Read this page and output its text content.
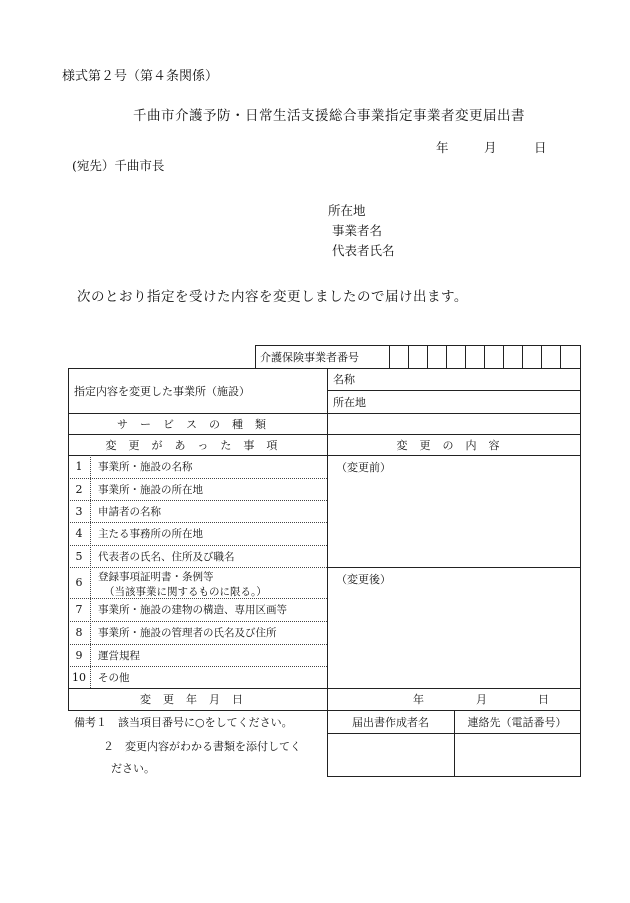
様式第２号（第４条関係）
千曲市介護予防・日常生活支援総合事業指定事業者変更届出書
年	月	日
(宛先）千曲市長
所在地
事業者名
代表者氏名
次のとおり指定を受けた内容を変更しましたので届け出ます。
介護保険事業者番号
指定内容を変更した事業所（施設）
名称
所在地
サービスの種類
変更があった事項	変更の内容
（変更前）
（変更後）
1	事業所・施設の名称
2	事業所・施設の所在地
3	申請者の名称
4	主たる事務所の所在地
5	代表者の氏名、住所及び職名
6	登録事項証明書・条例等
（当該事業に関するものに限る。）
7	事業所・施設の建物の構造、専用区画等
8	事業所・施設の管理者の氏名及び住所
9	運営規程
10	その他
変更年月日	年	月	日
届出書作成者名	連絡先（電話番号）
備考１　該当項目番号に○をしてください。
２　変更内容がわかる書類を添付してく
ださい。
